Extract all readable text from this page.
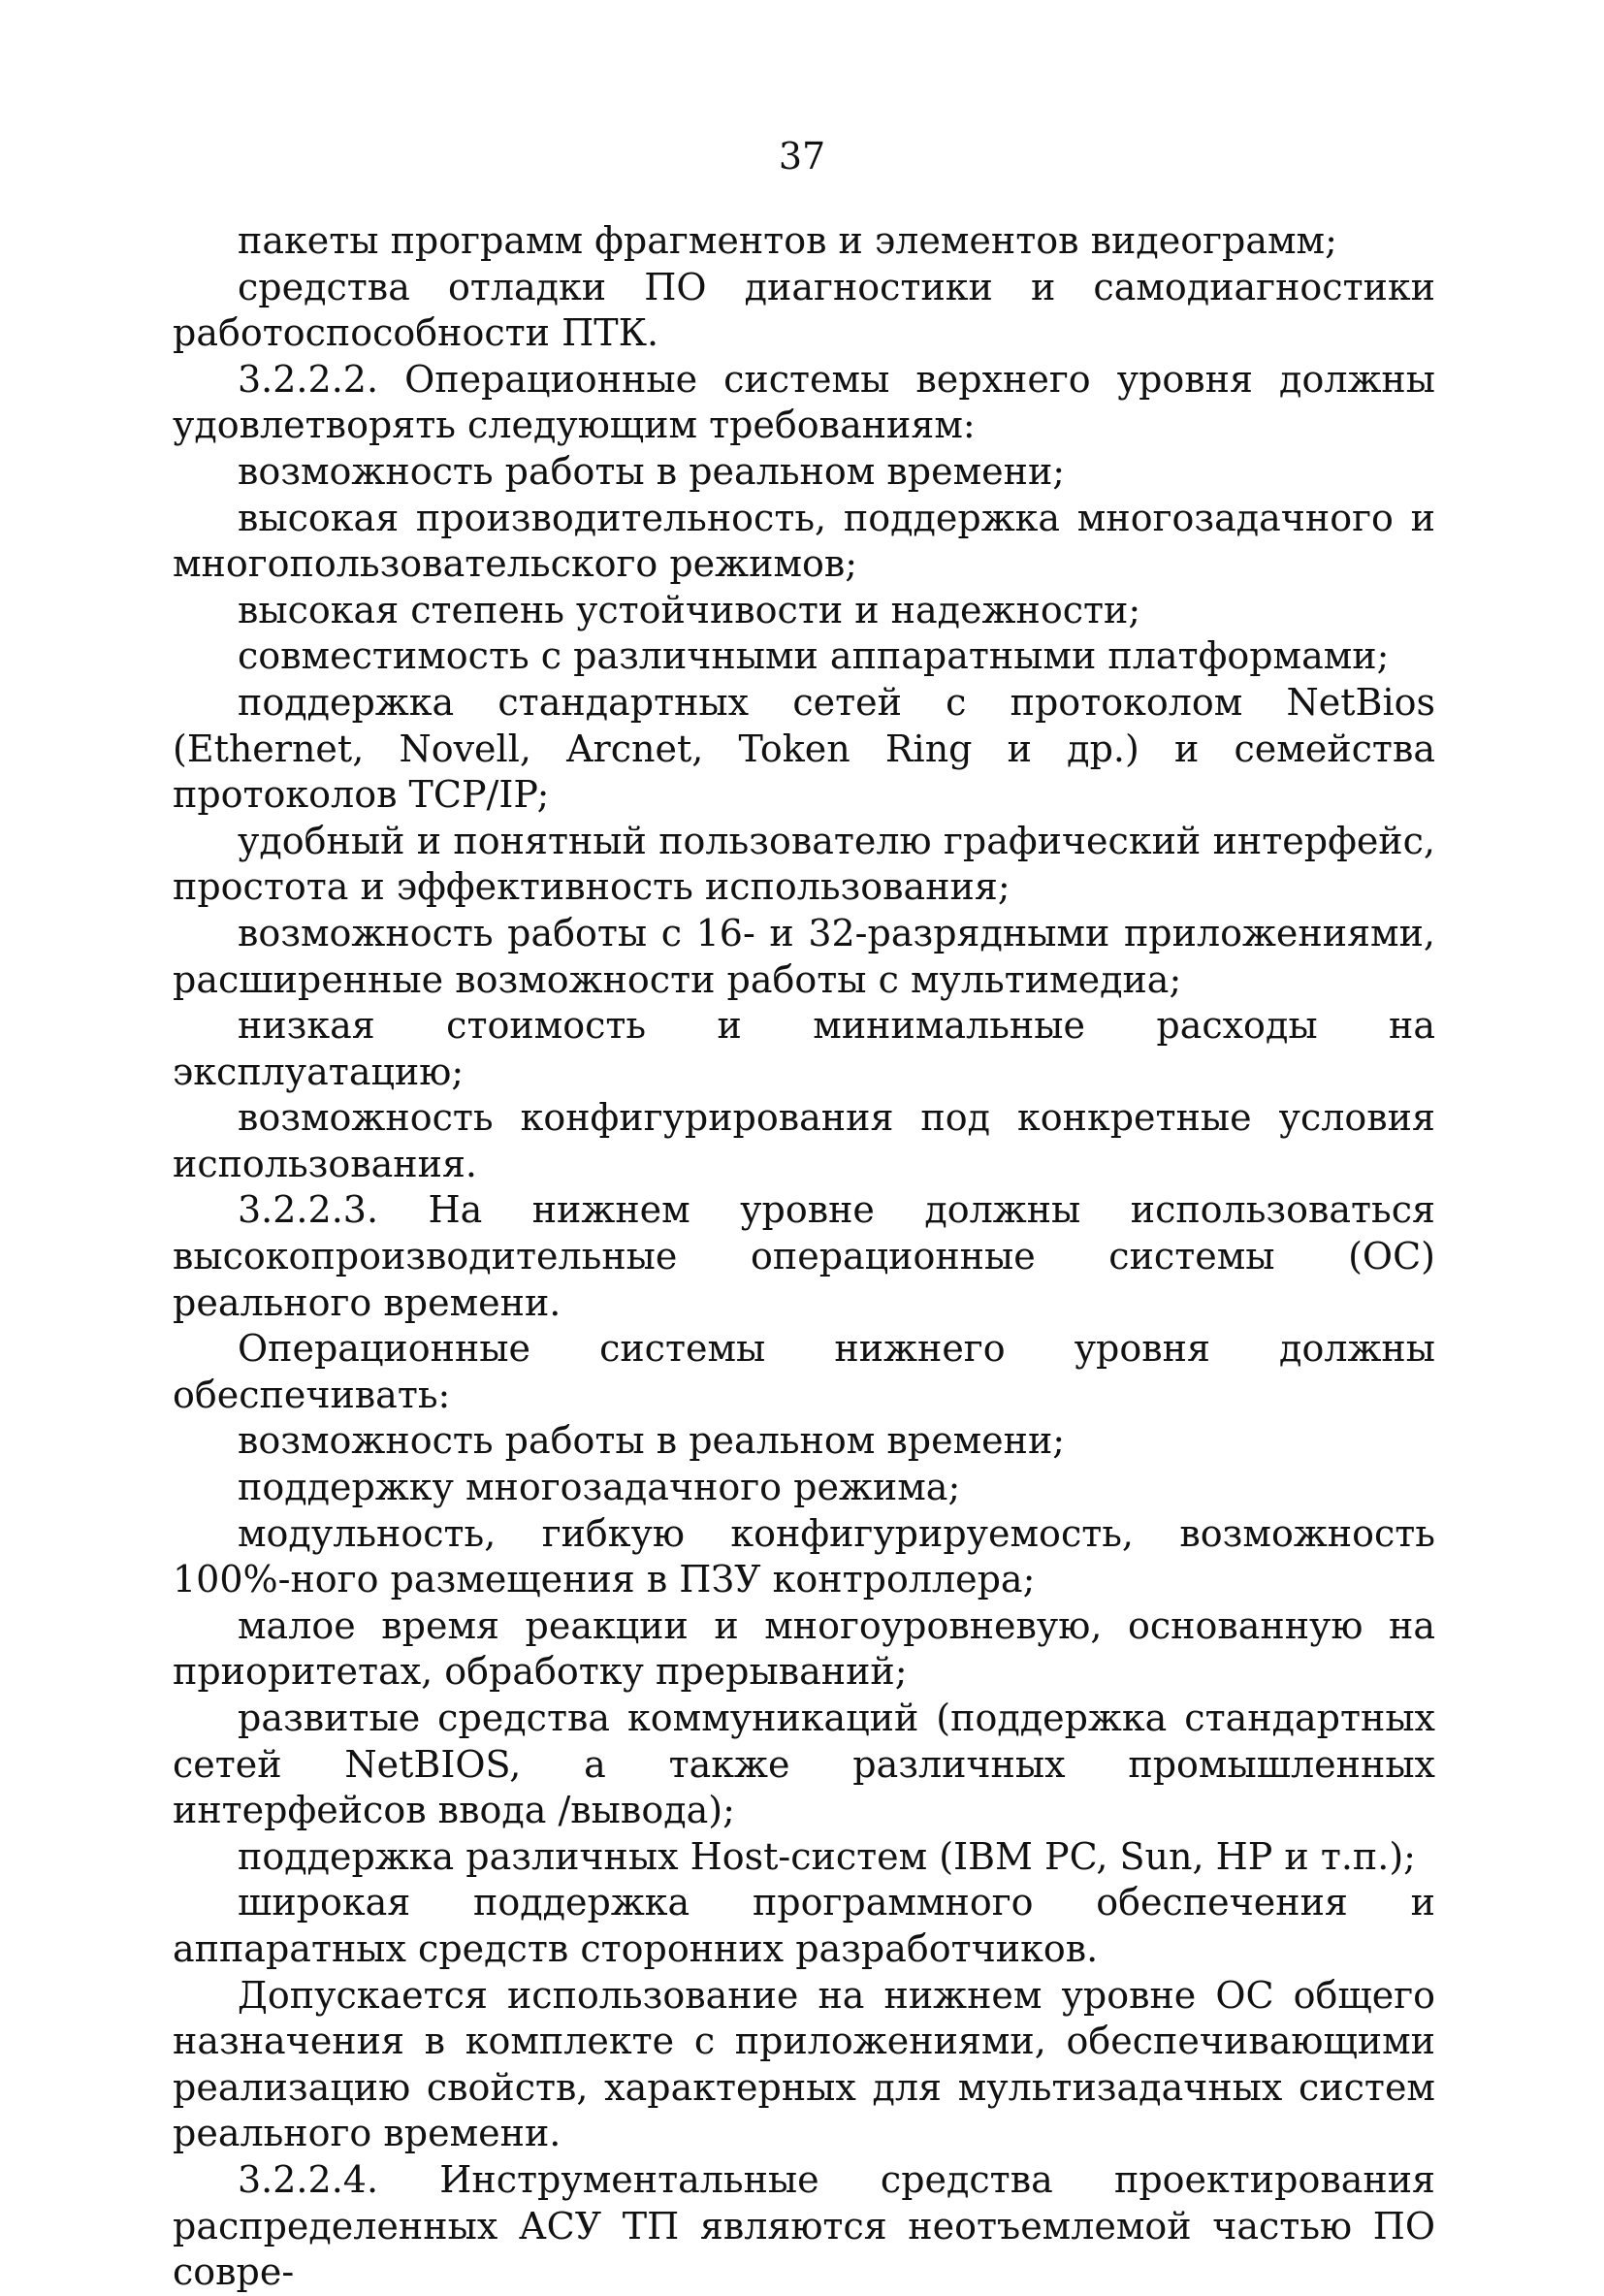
37

пакеты программ фрагментов и элементов видеограмм;

средства отладки ПО диагностики и самодиагностики работоспособности ПТК.

3.2.2.2. Операционные системы верхнего уровня должны удовлетворять следующим требованиям:

возможность работы в реальном времени;

высокая производительность, поддержка многозадачного и многопользовательского режимов;

высокая степень устойчивости и надежности;

совместимость с различными аппаратными платформами;

поддержка стандартных сетей с протоколом NetBios (Ethernet, Novell, Arcnet, Token Ring и др.) и семейства протоколов TCP/IP;

удобный и понятный пользователю графический интерфейс, простота и эффективность использования;

возможность работы с 16- и 32-разрядными приложениями, расширенные возможности работы с мультимедиа;

низкая стоимость и минимальные расходы на эксплуатацию;

возможность конфигурирования под конкретные условия использования.

3.2.2.3. На нижнем уровне должны использоваться высокопроизводительные операционные системы (ОС) реального времени.

Операционные системы нижнего уровня должны обеспечивать:

возможность работы в реальном времени;

поддержку многозадачного режима;

модульность, гибкую конфигурируемость, возможность 100%-ного размещения в ПЗУ контроллера;

малое время реакции и многоуровневую, основанную на приоритетах, обработку прерываний;

развитые средства коммуникаций (поддержка стандартных сетей NetBIOS, а также различных промышленных интерфейсов ввода /вывода);

поддержка различных Host-систем (IBM PC, Sun, HP и т.п.);

широкая поддержка программного обеспечения и аппаратных средств сторонних разработчиков.

Допускается использование на нижнем уровне ОС общего назначения в комплекте с приложениями, обеспечивающими реализацию свойств, характерных для мультизадачных систем реального времени.

3.2.2.4. Инструментальные средства проектирования распределенных АСУ ТП являются неотъемлемой частью ПО совре-
